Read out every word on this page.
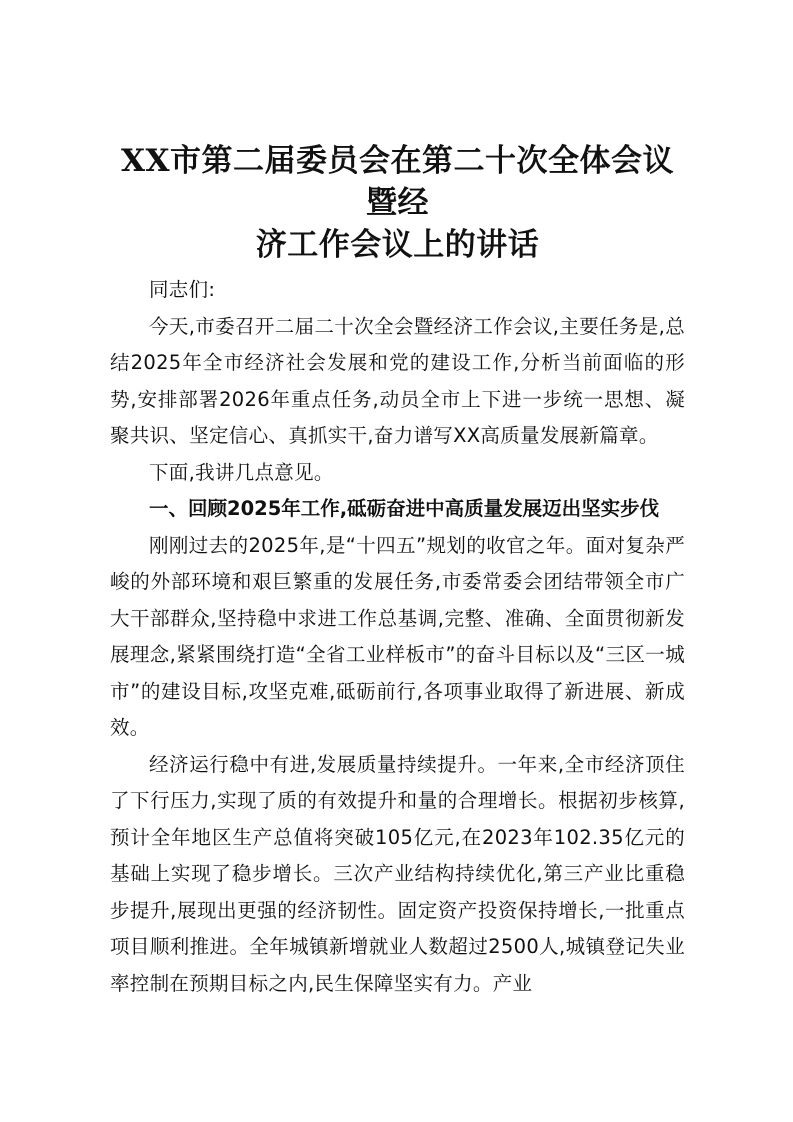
XX市第二届委员会在第二十次全体会议暨经
济工作会议上的讲话

同志们:

今天,市委召开二届二十次全会暨经济工作会议,主要任务是,总结2025年全市经济社会发展和党的建设工作,分析当前面临的形势,安排部署2026年重点任务,动员全市上下进一步统一思想、凝聚共识、坚定信心、真抓实干,奋力谱写XX高质量发展新篇章。

下面,我讲几点意见。

一、回顾2025年工作,砥砺奋进中高质量发展迈出坚实步伐

刚刚过去的2025年,是“十四五”规划的收官之年。面对复杂严峻的外部环境和艰巨繁重的发展任务,市委常委会团结带领全市广大干部群众,坚持稳中求进工作总基调,完整、准确、全面贯彻新发展理念,紧紧围绕打造“全省工业样板市”的奋斗目标以及“三区一城市”的建设目标,攻坚克难,砥砺前行,各项事业取得了新进展、新成效。

经济运行稳中有进,发展质量持续提升。一年来,全市经济顶住了下行压力,实现了质的有效提升和量的合理增长。根据初步核算,预计全年地区生产总值将突破105亿元,在2023年102.35亿元的基础上实现了稳步增长。三次产业结构持续优化,第三产业比重稳步提升,展现出更强的经济韧性。固定资产投资保持增长,一批重点项目顺利推进。全年城镇新增就业人数超过2500人,城镇登记失业率控制在预期目标之内,民生保障坚实有力。产业
